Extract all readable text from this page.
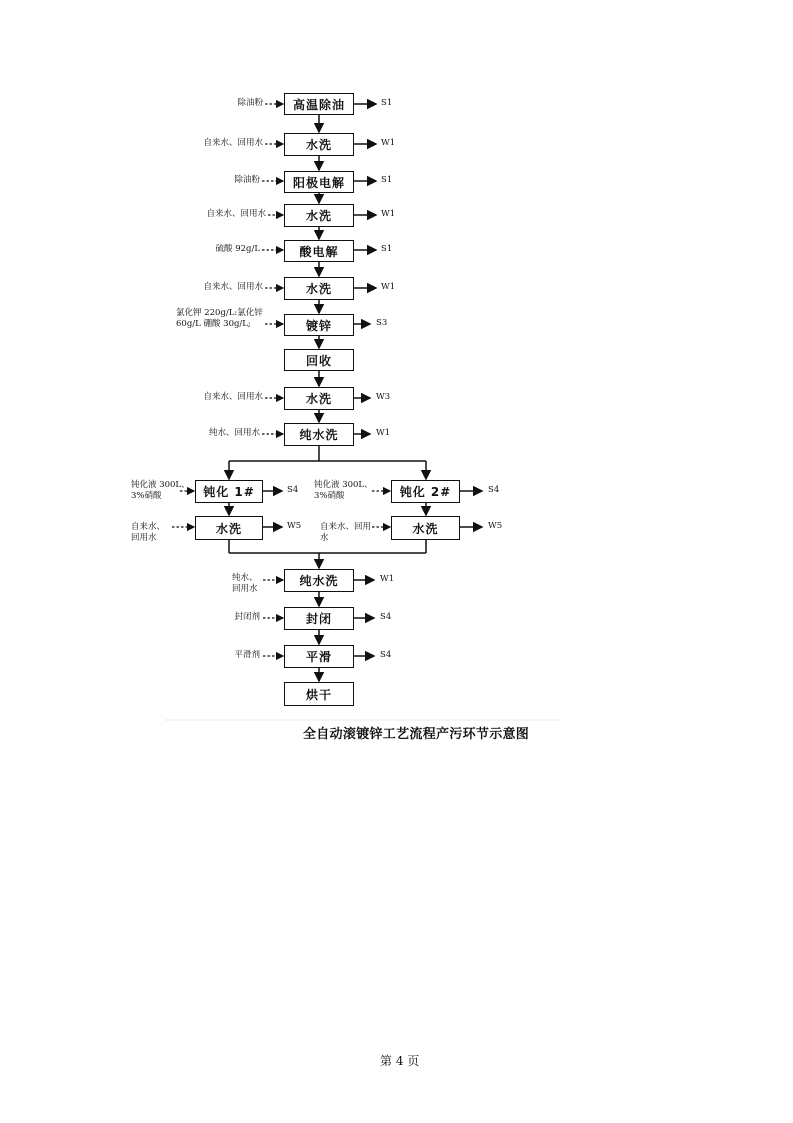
高温除油
水洗
阳极电解
水洗
酸电解
水洗
镀锌
回收
水洗
纯水洗
钝化 1#	钝化 2#
水洗	水洗
纯水洗
封闭
平滑
烘干
除油粉
自来水、回用水
除油粉
自来水、回用水
硫酸 92g/L
自来水、回用水
氯化钾 220g/L:氯化锌
60g/L 硼酸 30g/L;
自来水、回用水
纯水、回用水
钝化液 300L、
3%硝酸
钝化液 300L、
3%硝酸
自来水、
回用水
自来水、回用
水
纯水、
回用水
封闭剂
平滑剂
S1
W1
S1
W1
S1
W1
S3
W3
W1
S4	S4
W5	W5
W1
S4
S4
全自动滚镀锌工艺流程产污环节示意图
第 4 页
